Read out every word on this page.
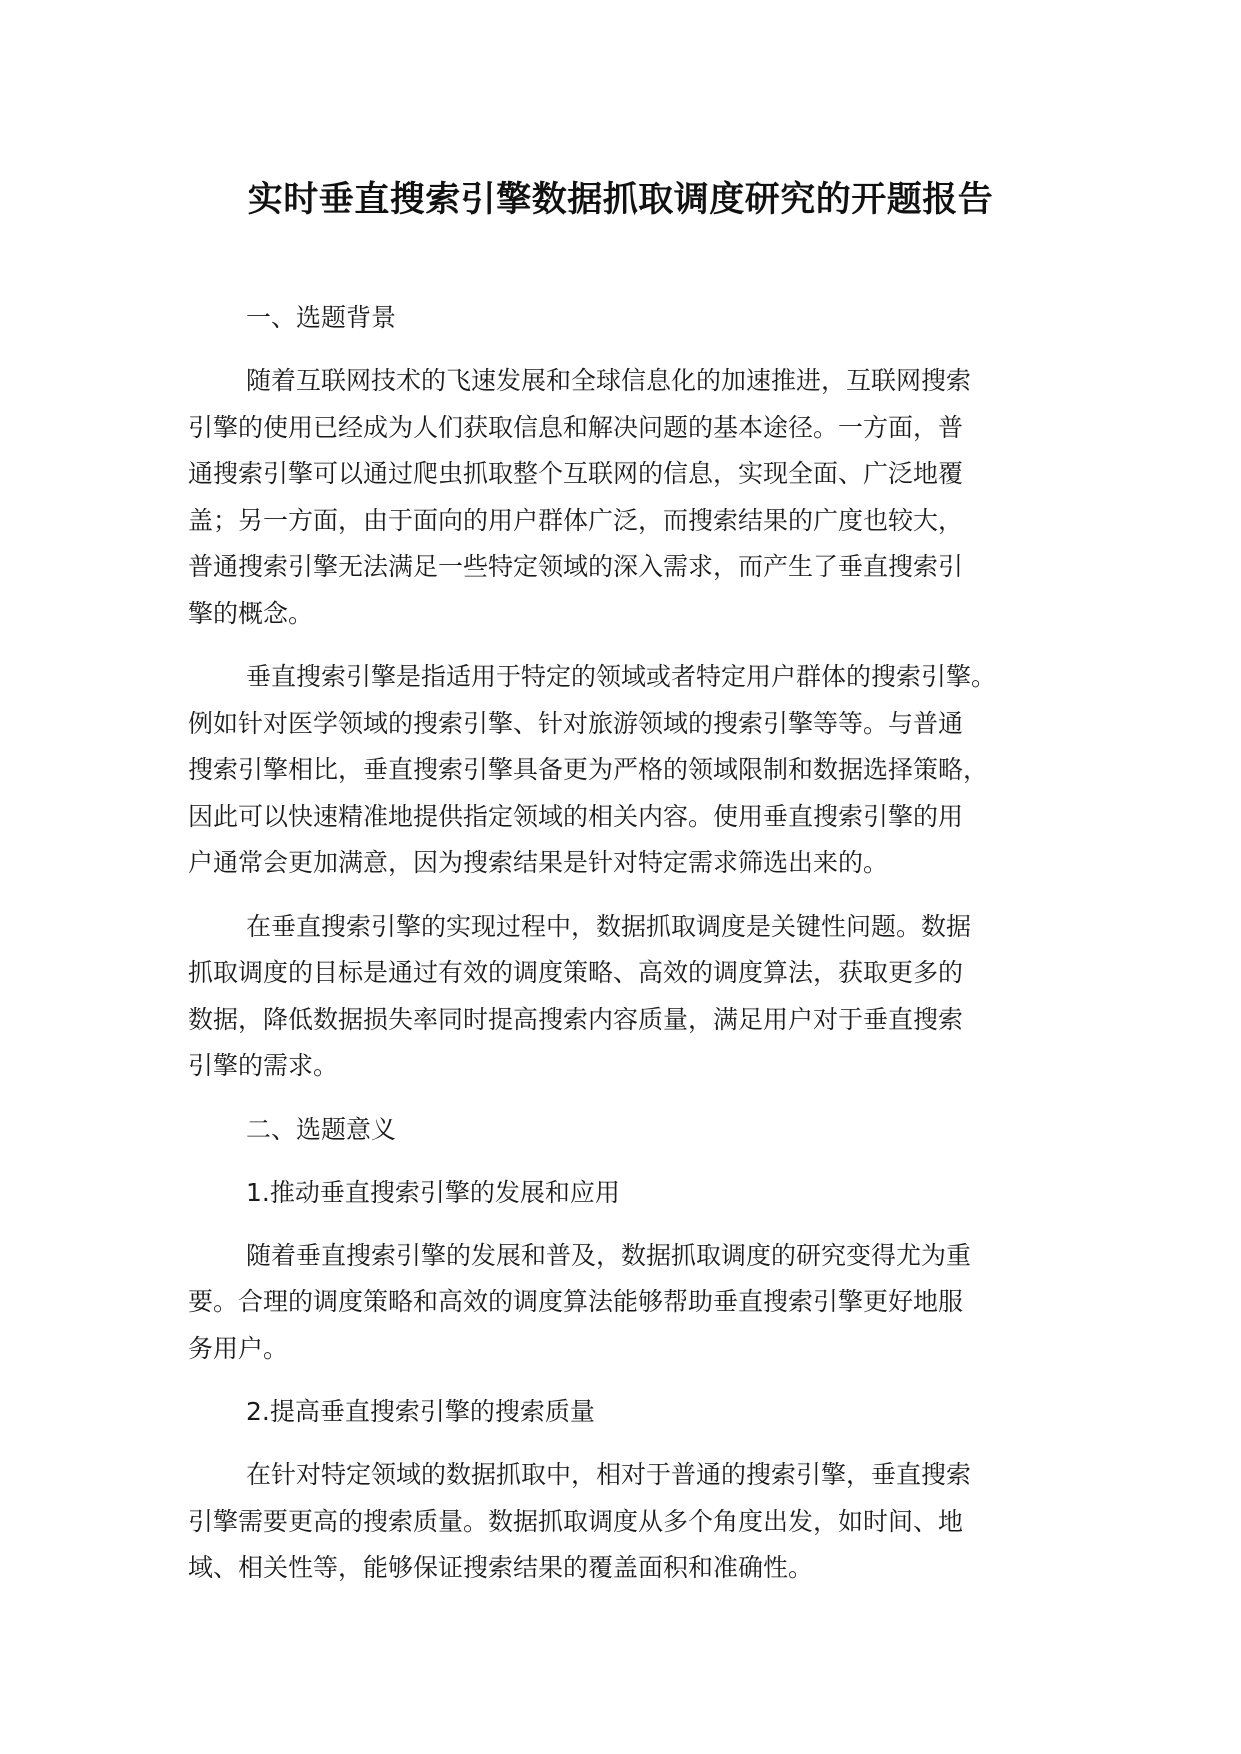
实时垂直搜索引擎数据抓取调度研究的开题报告
一、选题背景

随着互联网技术的飞速发展和全球信息化的加速推进，互联网搜索
引擎的使用已经成为人们获取信息和解决问题的基本途径。一方面，普
通搜索引擎可以通过爬虫抓取整个互联网的信息，实现全面、广泛地覆
盖；另一方面，由于面向的用户群体广泛，而搜索结果的广度也较大，
普通搜索引擎无法满足一些特定领域的深入需求，而产生了垂直搜索引
擎的概念。

垂直搜索引擎是指适用于特定的领域或者特定用户群体的搜索引擎。
例如针对医学领域的搜索引擎、针对旅游领域的搜索引擎等等。与普通
搜索引擎相比，垂直搜索引擎具备更为严格的领域限制和数据选择策略，
因此可以快速精准地提供指定领域的相关内容。使用垂直搜索引擎的用
户通常会更加满意，因为搜索结果是针对特定需求筛选出来的。

在垂直搜索引擎的实现过程中，数据抓取调度是关键性问题。数据
抓取调度的目标是通过有效的调度策略、高效的调度算法，获取更多的
数据，降低数据损失率同时提高搜索内容质量，满足用户对于垂直搜索
引擎的需求。

二、选题意义
1.推动垂直搜索引擎的发展和应用

随着垂直搜索引擎的发展和普及，数据抓取调度的研究变得尤为重
要。合理的调度策略和高效的调度算法能够帮助垂直搜索引擎更好地服
务用户。

2.提高垂直搜索引擎的搜索质量

在针对特定领域的数据抓取中，相对于普通的搜索引擎，垂直搜索
引擎需要更高的搜索质量。数据抓取调度从多个角度出发，如时间、地
域、相关性等，能够保证搜索结果的覆盖面积和准确性。
